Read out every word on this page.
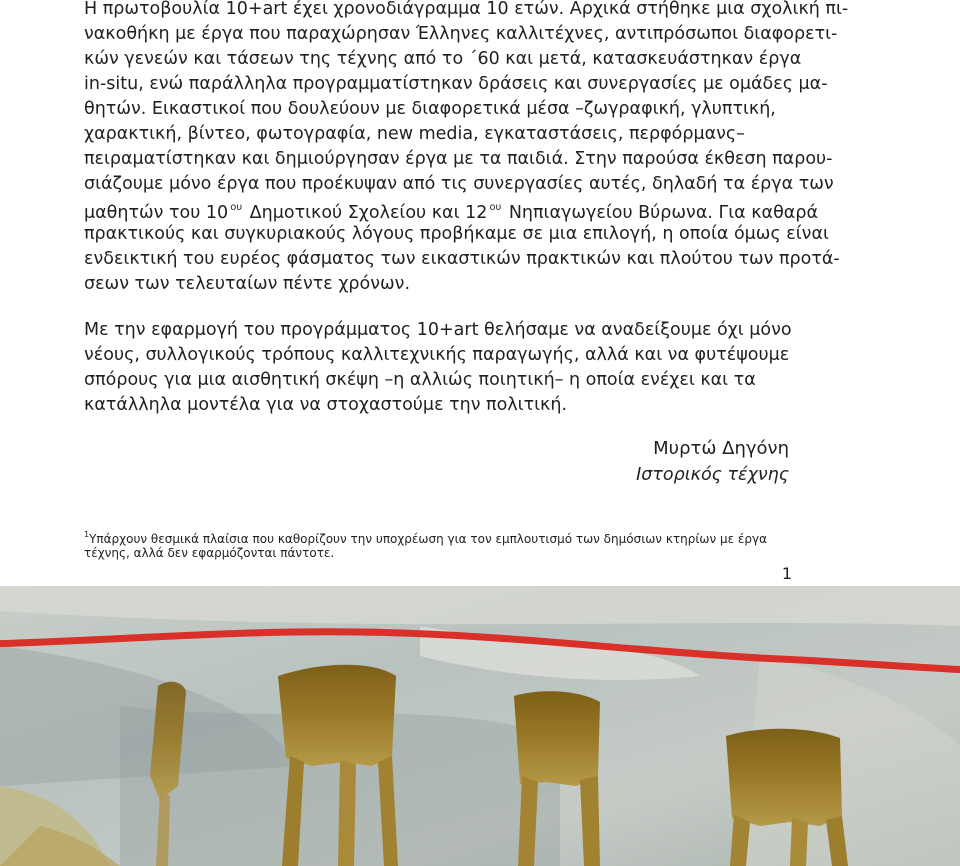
Η πρωτοβουλία 10+art έχει χρονοδιάγραμμα 10 ετών. Αρχικά στήθηκε μια σχολική πι-
νακοθήκη με έργα που παραχώρησαν Έλληνες καλλιτέχνες, αντιπρόσωποι διαφορετι-
κών γενεών και τάσεων της τέχνης από το ΄60 και μετά, κατασκευάστηκαν έργα
in-situ, ενώ παράλληλα προγραμματίστηκαν δράσεις και συνεργασίες με ομάδες μα-
θητών. Εικαστικοί που δουλεύουν με διαφορετικά μέσα –ζωγραφική, γλυπτική,
χαρακτική, βίντεο, φωτογραφία, new media, εγκαταστάσεις, περφόρμανς–
πειραματίστηκαν και δημιούργησαν έργα με τα παιδιά. Στην παρούσα έκθεση παρου-
σιάζουμε μόνο έργα που προέκυψαν από τις συνεργασίες αυτές, δηλαδή τα έργα των
μαθητών του 10 $^{o\upsilon}$ Δημοτικού Σχολείου και 12 $^{o\upsilon}$ Νηπιαγωγείου Βύρωνα. Για καθαρά
πρακτικούς και συγκυριακούς λόγους προβήκαμε σε μια επιλογή, η οποία όμως είναι
ενδεικτική του ευρέος φάσματος των εικαστικών πρακτικών και πλούτου των προτά-
σεων των τελευταίων πέντε χρόνων.
Με την εφαρμογή του προγράμματος 10+art θελήσαμε να αναδείξουμε όχι μόνο
νέους, συλλογικούς τρόπους καλλιτεχνικής παραγωγής, αλλά και να φυτέψουμε
σπόρους για μια αισθητική σκέψη –η αλλιώς ποιητική– η οποία ενέχει και τα
κατάλληλα μοντέλα για να στοχαστούμε την πολιτική.
Μυρτώ Δηγόνη
Ιστορικός τέχνης
$^1$Υπάρχουν θεσμικά πλαίσια που καθορίζουν την υποχρέωση για τον εμπλουτισμό των δημόσιων κτηρίων με έργα
τέχνης, αλλά δεν εφαρμόζονται πάντοτε.
1
